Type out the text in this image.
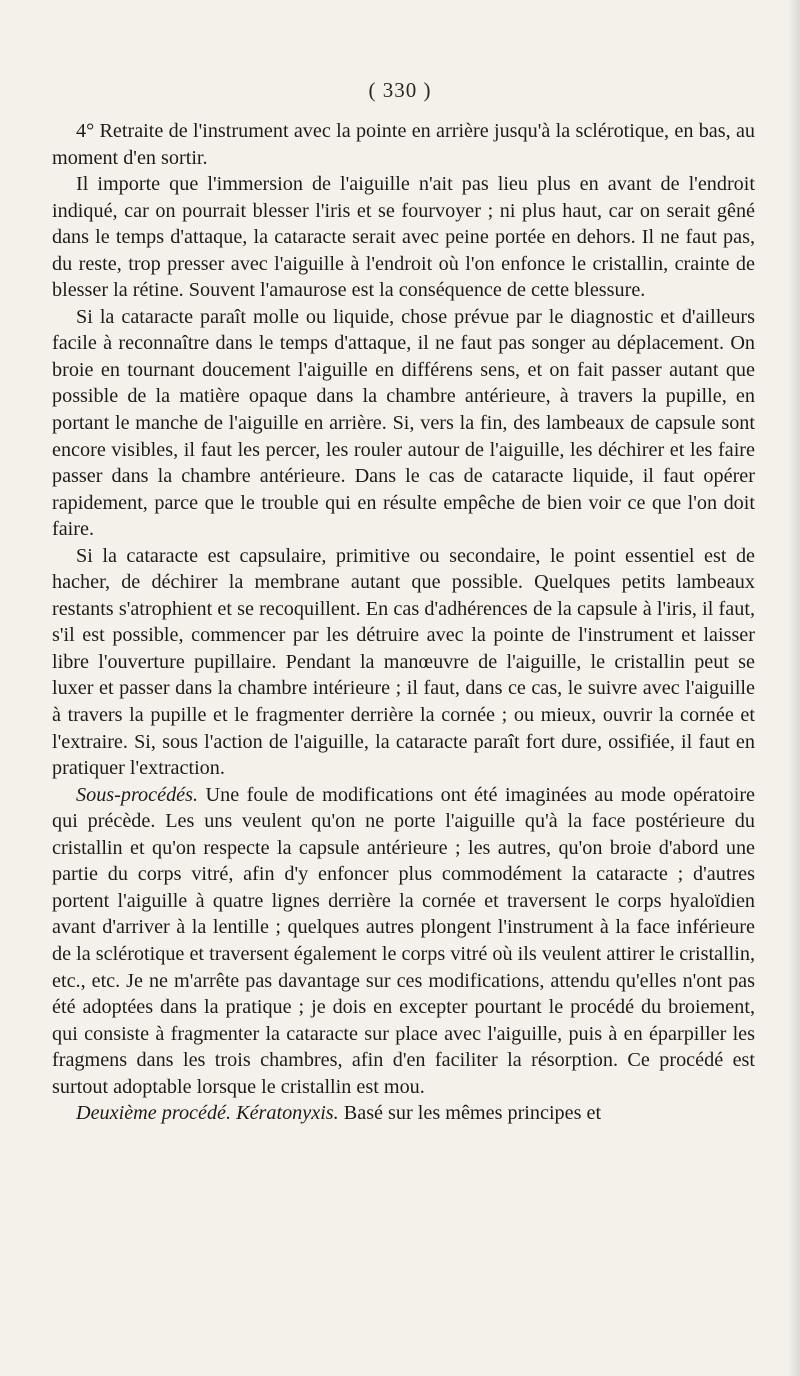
( 330 )

4° Retraite de l'instrument avec la pointe en arrière jusqu'à la sclérotique, en bas, au moment d'en sortir.

Il importe que l'immersion de l'aiguille n'ait pas lieu plus en avant de l'endroit indiqué, car on pourrait blesser l'iris et se fourvoyer ; ni plus haut, car on serait gêné dans le temps d'attaque, la cataracte serait avec peine portée en dehors. Il ne faut pas, du reste, trop presser avec l'aiguille à l'endroit où l'on enfonce le cristallin, crainte de blesser la rétine. Souvent l'amaurose est la conséquence de cette blessure.

Si la cataracte paraît molle ou liquide, chose prévue par le diagnostic et d'ailleurs facile à reconnaître dans le temps d'attaque, il ne faut pas songer au déplacement. On broie en tournant doucement l'aiguille en différens sens, et on fait passer autant que possible de la matière opaque dans la chambre antérieure, à travers la pupille, en portant le manche de l'aiguille en arrière. Si, vers la fin, des lambeaux de capsule sont encore visibles, il faut les percer, les rouler autour de l'aiguille, les déchirer et les faire passer dans la chambre antérieure. Dans le cas de cataracte liquide, il faut opérer rapidement, parce que le trouble qui en résulte empêche de bien voir ce que l'on doit faire.

Si la cataracte est capsulaire, primitive ou secondaire, le point essentiel est de hacher, de déchirer la membrane autant que possible. Quelques petits lambeaux restants s'atrophient et se recoquillent. En cas d'adhérences de la capsule à l'iris, il faut, s'il est possible, commencer par les détruire avec la pointe de l'instrument et laisser libre l'ouverture pupillaire. Pendant la manœuvre de l'aiguille, le cristallin peut se luxer et passer dans la chambre intérieure ; il faut, dans ce cas, le suivre avec l'aiguille à travers la pupille et le fragmenter derrière la cornée ; ou mieux, ouvrir la cornée et l'extraire. Si, sous l'action de l'aiguille, la cataracte paraît fort dure, ossifiée, il faut en pratiquer l'extraction.

Sous-procédés. Une foule de modifications ont été imaginées au mode opératoire qui précède. Les uns veulent qu'on ne porte l'aiguille qu'à la face postérieure du cristallin et qu'on respecte la capsule antérieure ; les autres, qu'on broie d'abord une partie du corps vitré, afin d'y enfoncer plus commodément la cataracte ; d'autres portent l'aiguille à quatre lignes derrière la cornée et traversent le corps hyaloïdien avant d'arriver à la lentille ; quelques autres plongent l'instrument à la face inférieure de la sclérotique et traversent également le corps vitré où ils veulent attirer le cristallin, etc., etc. Je ne m'arrête pas davantage sur ces modifications, attendu qu'elles n'ont pas été adoptées dans la pratique ; je dois en excepter pourtant le procédé du broiement, qui consiste à fragmenter la cataracte sur place avec l'aiguille, puis à en éparpiller les fragmens dans les trois chambres, afin d'en faciliter la résorption. Ce procédé est surtout adoptable lorsque le cristallin est mou.

Deuxième procédé. Kératonyxis. Basé sur les mêmes principes et
